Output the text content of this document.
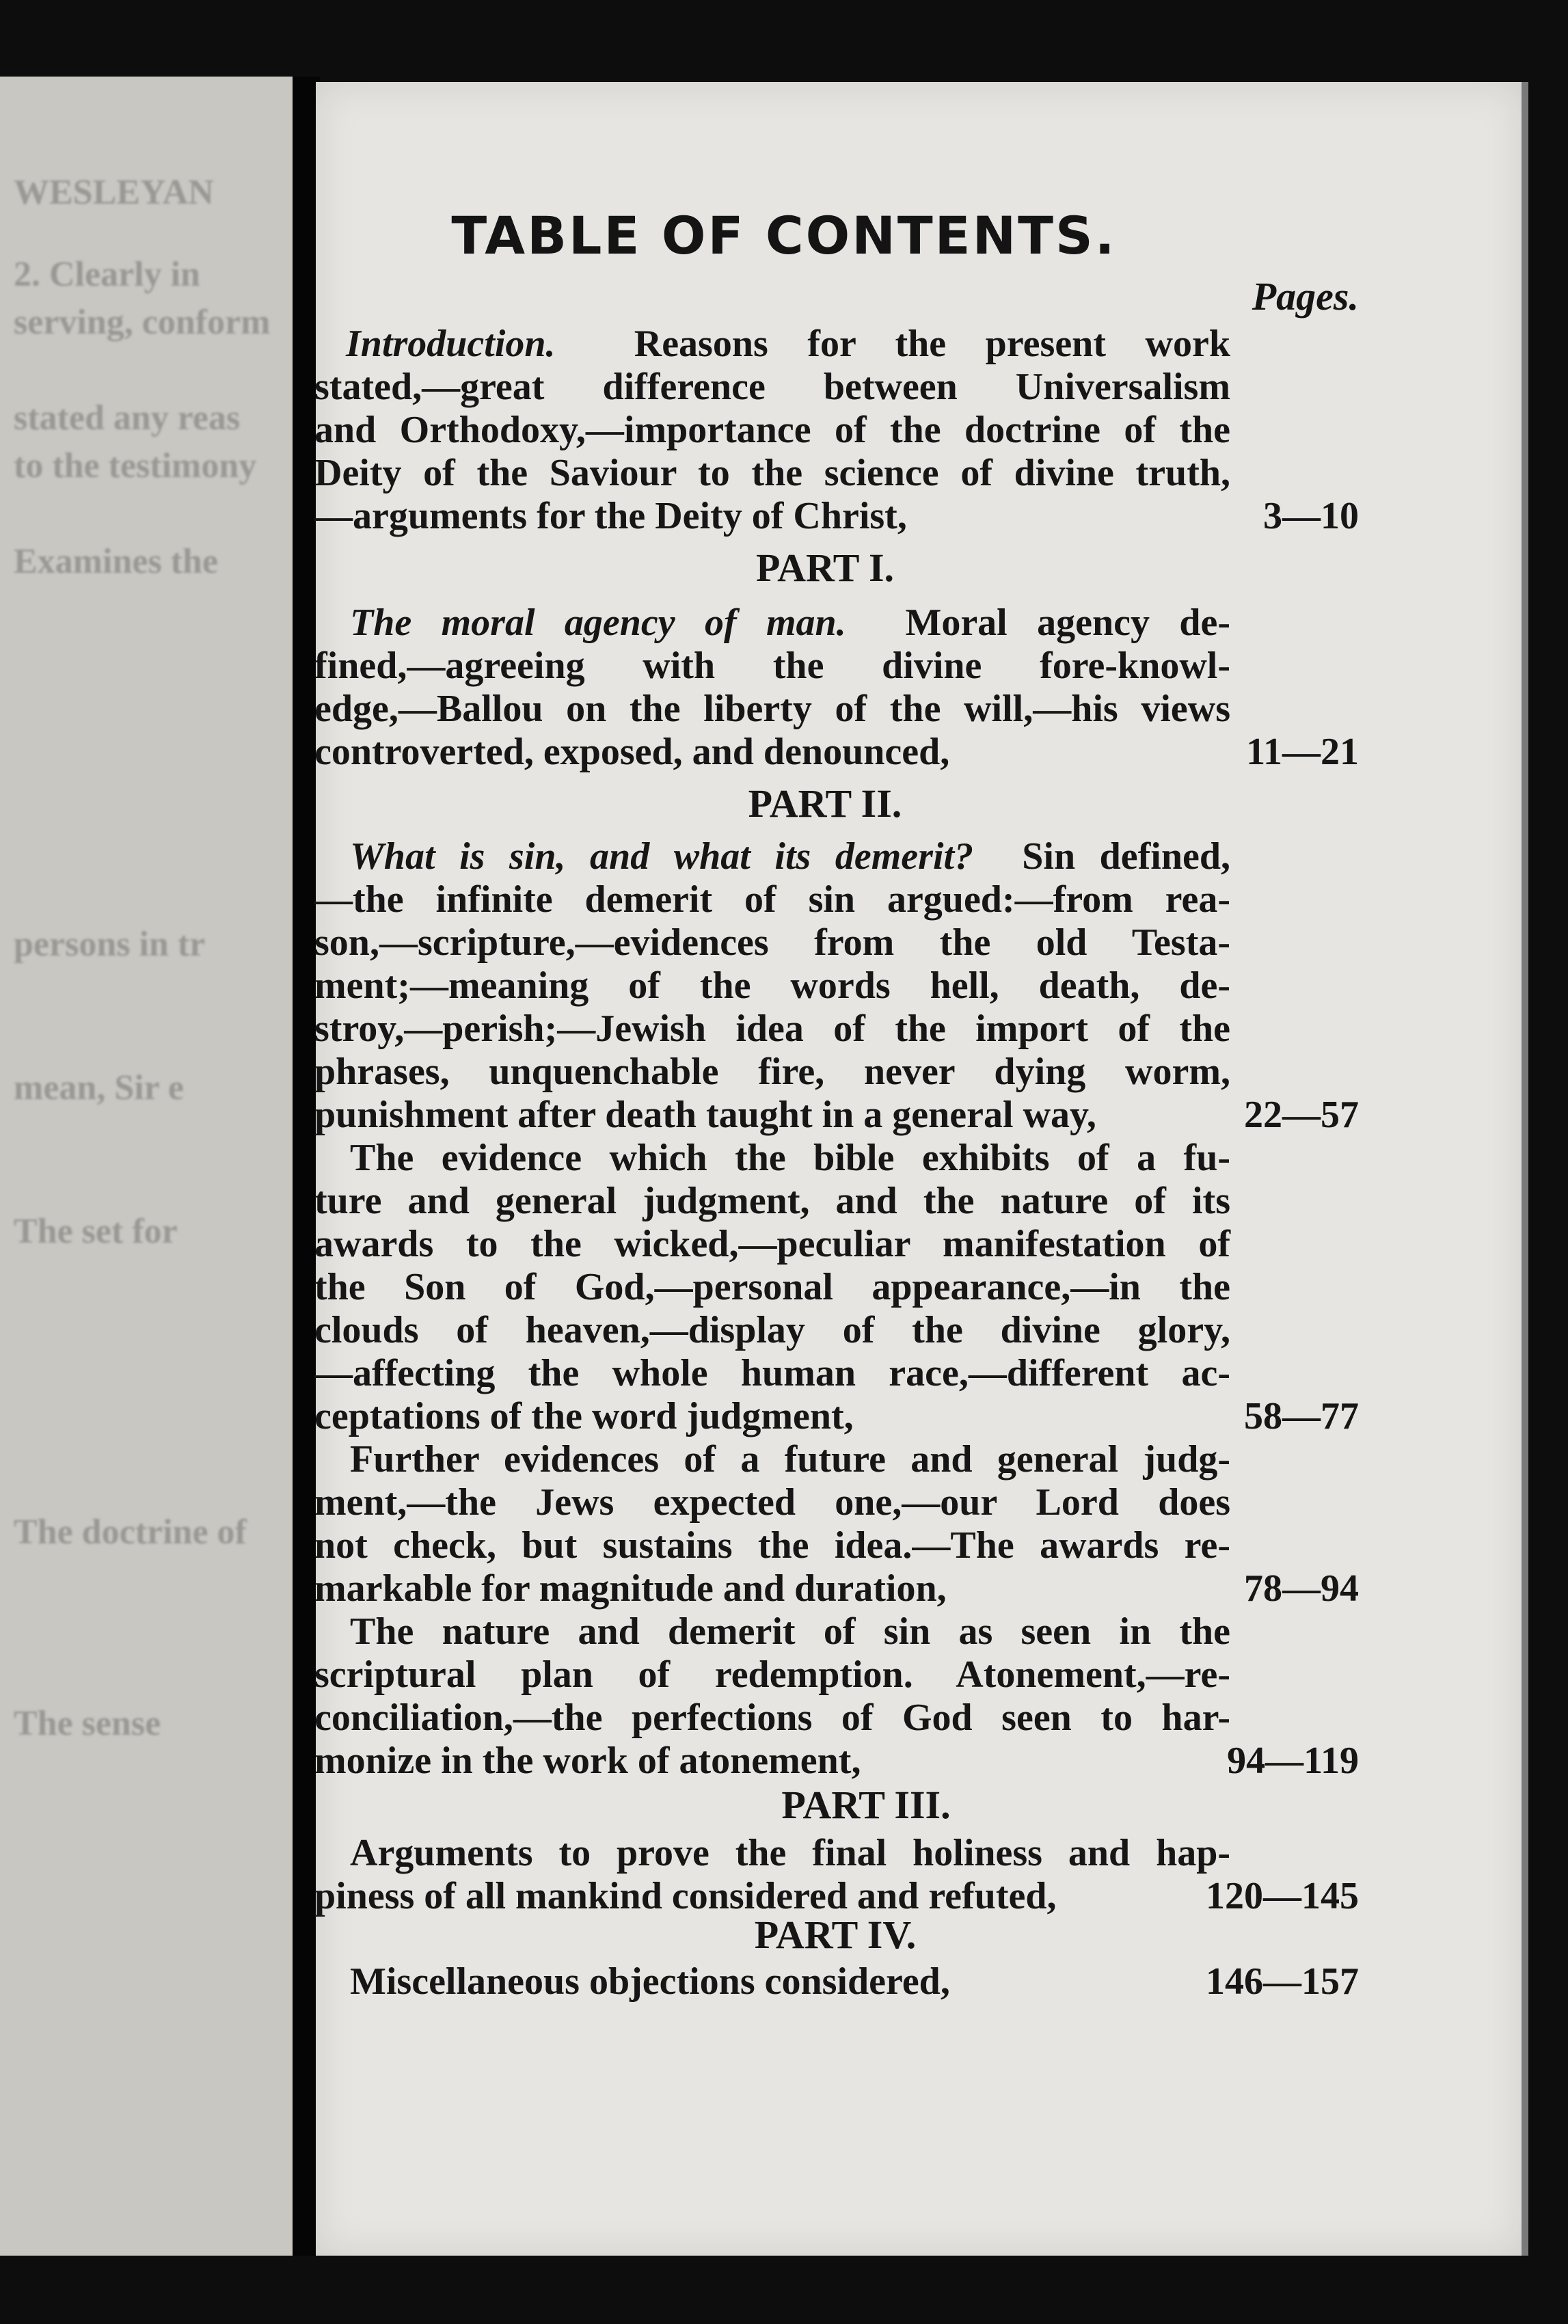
WESLEYAN
2. Clearly in
serving, conform
stated any reas
to the testimony
Examines the
persons in tr
mean, Sir e
The set for
The doctrine of
The sense
TABLE OF CONTENTS.
Pages.
Introduction. Reasons for the present work
stated,—great difference between Universalism
and Orthodoxy,—importance of the doctrine of the
Deity of the Saviour to the science of divine truth,
—arguments for the Deity of Christ,	3—10
PART I.
The moral agency of man. Moral agency de-
fined,—agreeing with the divine fore-knowl-
edge,—Ballou on the liberty of the will,—his views
controverted, exposed, and denounced,	11—21
PART II.
What is sin, and what its demerit? Sin defined,
—the infinite demerit of sin argued:—from rea-
son,—scripture,—evidences from the old Testa-
ment;—meaning of the words hell, death, de-
stroy,—perish;—Jewish idea of the import of the
phrases, unquenchable fire, never dying worm,
punishment after death taught in a general way,	22—57
The evidence which the bible exhibits of a fu-
ture and general judgment, and the nature of its
awards to the wicked,—peculiar manifestation of
the Son of God,—personal appearance,—in the
clouds of heaven,—display of the divine glory,
—affecting the whole human race,—different ac-
ceptations of the word judgment,	58—77
Further evidences of a future and general judg-
ment,—the Jews expected one,—our Lord does
not check, but sustains the idea.—The awards re-
markable for magnitude and duration,	78—94
The nature and demerit of sin as seen in the
scriptural plan of redemption. Atonement,—re-
conciliation,—the perfections of God seen to har-
monize in the work of atonement,	94—119
PART III.
Arguments to prove the final holiness and hap-
piness of all mankind considered and refuted,	120—145
PART IV.
Miscellaneous objections considered,	146—157
